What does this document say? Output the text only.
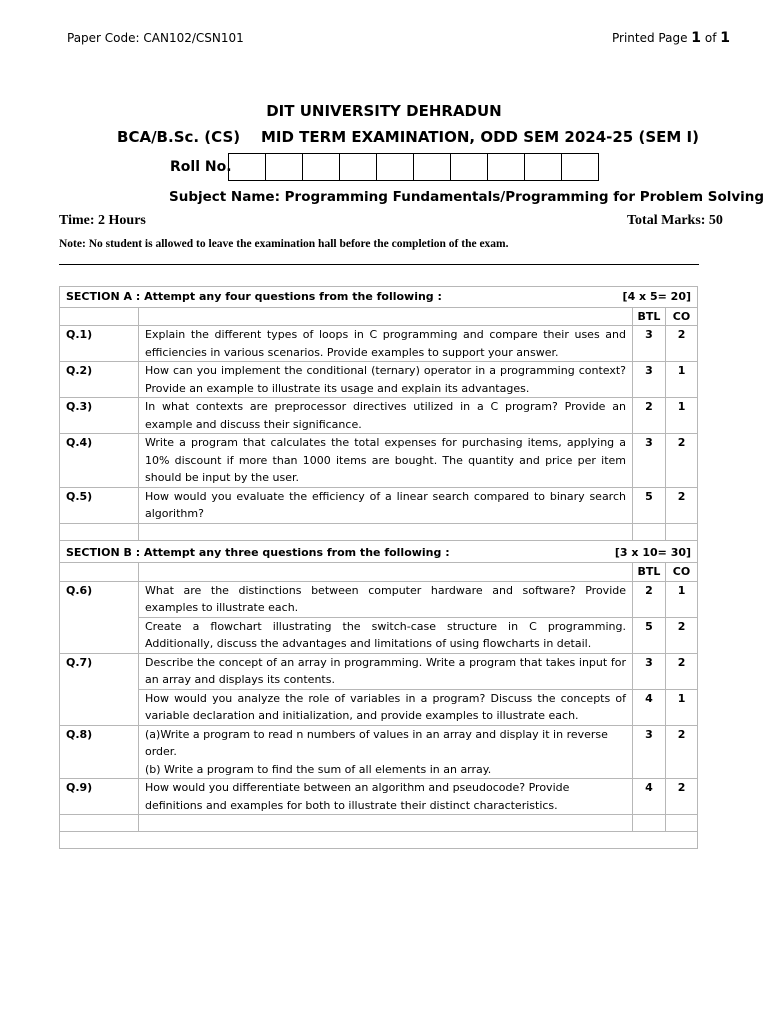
Paper Code: CAN102/CSN101	Printed Page 1 of 1
DIT UNIVERSITY DEHRADUN
BCA/B.Sc. (CS)    MID TERM EXAMINATION, ODD SEM 2024-25 (SEM I)
Roll No.
Subject Name: Programming Fundamentals/Programming for Problem Solving
Time: 2 Hours	Total Marks: 50
Note: No student is allowed to leave the examination hall before the completion of the exam.
SECTION A : Attempt any four questions from the following : [4 x 5= 20]			

		BTL	CO
Q.1)	Explain the different types of loops in C programming and compare their uses and efficiencies in various scenarios. Provide examples to support your answer.	3	2
Q.2)	How can you implement the conditional (ternary) operator in a programming context? Provide an example to illustrate its usage and explain its advantages.	3	1
Q.3)	In what contexts are preprocessor directives utilized in a C program? Provide an example and discuss their significance.	2	1
Q.4)	Write a program that calculates the total expenses for purchasing items, applying a 10% discount if more than 1000 items are bought. The quantity and price per item should be input by the user.	3	2
Q.5)	How would you evaluate the efficiency of a linear search compared to binary search algorithm?	5	2

SECTION B : Attempt any three questions from the following : [3 x 10= 30]			

		BTL	CO
Q.6)	What are the distinctions between computer hardware and software? Provide examples to illustrate each.	2	1
	Create a flowchart illustrating the switch-case structure in C programming. Additionally, discuss the advantages and limitations of using flowcharts in detail.	5	2
Q.7)	Describe the concept of an array in programming. Write a program that takes input for an array and displays its contents.	3	2
	How would you analyze the role of variables in a program? Discuss the concepts of variable declaration and initialization, and provide examples to illustrate each.	4	1
Q.8)	(a)Write a program to read n numbers of values in an array and display it in reverse order.
(b) Write a program to find the sum of all elements in an array.	3	2
Q.9)	How would you differentiate between an algorithm and pseudocode? Provide definitions and examples for both to illustrate their distinct characteristics.	4	2
